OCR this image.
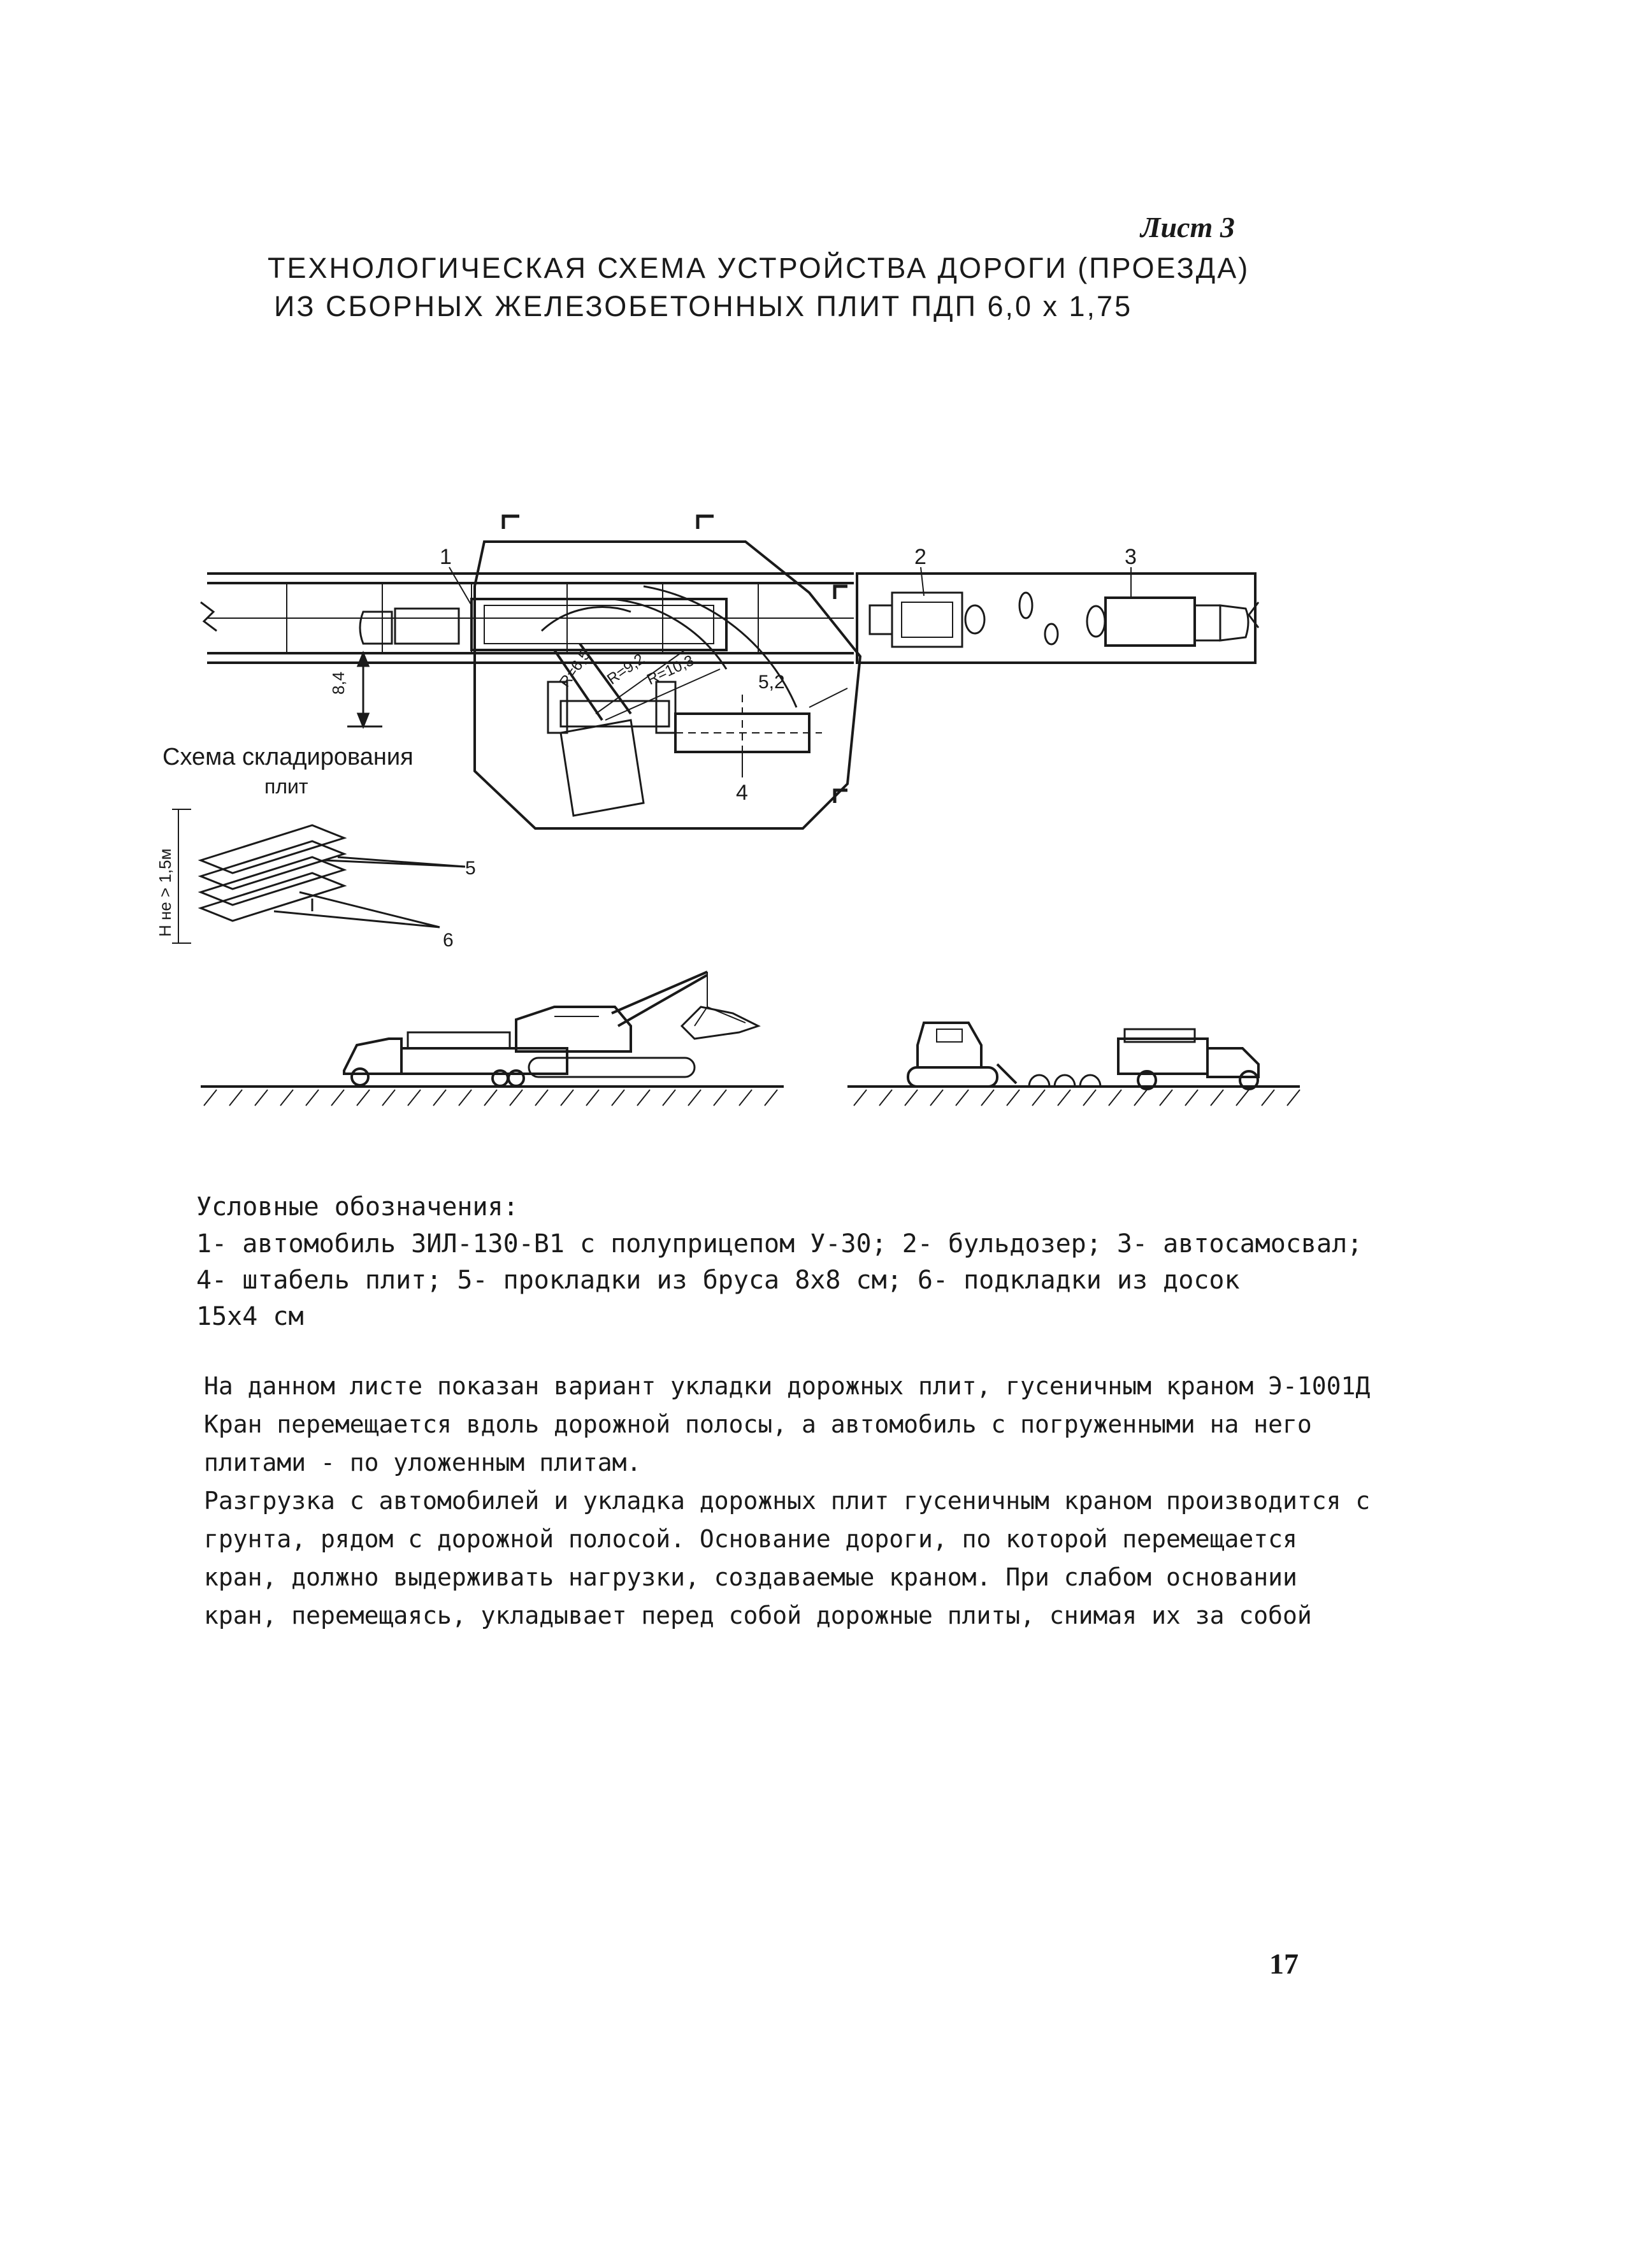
Лист 3
ТЕХНОЛОГИЧЕСКАЯ СХЕМА УСТРОЙСТВА ДОРОГИ (ПРОЕЗДА)
ИЗ СБОРНЫХ ЖЕЛЕЗОБЕТОННЫХ ПЛИТ ПДП 6,0 x 1,75
1	2	3
4
R=6,5 R=9,2
R=10,3	5,2
8,4
Схема складирования
плит
5
6
H не > 1,5м
Условные обозначения:
1- автомобиль ЗИЛ-130-В1 с полуприцепом У-30; 2- бульдозер; 3- автосамосвал;
4- штабель плит; 5- прокладки из бруса 8x8 см; 6- подкладки из досок
15x4 см
На данном листе показан вариант укладки дорожных плит, гусеничным краном Э-1001Д Кран перемещается вдоль дорожной полосы, а автомобиль с погруженными на него плитами - по уложенным плитам.
Разгрузка с автомобилей и укладка дорожных плит гусеничным краном производится с грунта, рядом с дорожной полосой. Основание дороги, по которой перемещается кран, должно выдерживать нагрузки, создаваемые краном. При слабом основании кран, перемещаясь, укладывает перед собой дорожные плиты, снимая их за собой
17
